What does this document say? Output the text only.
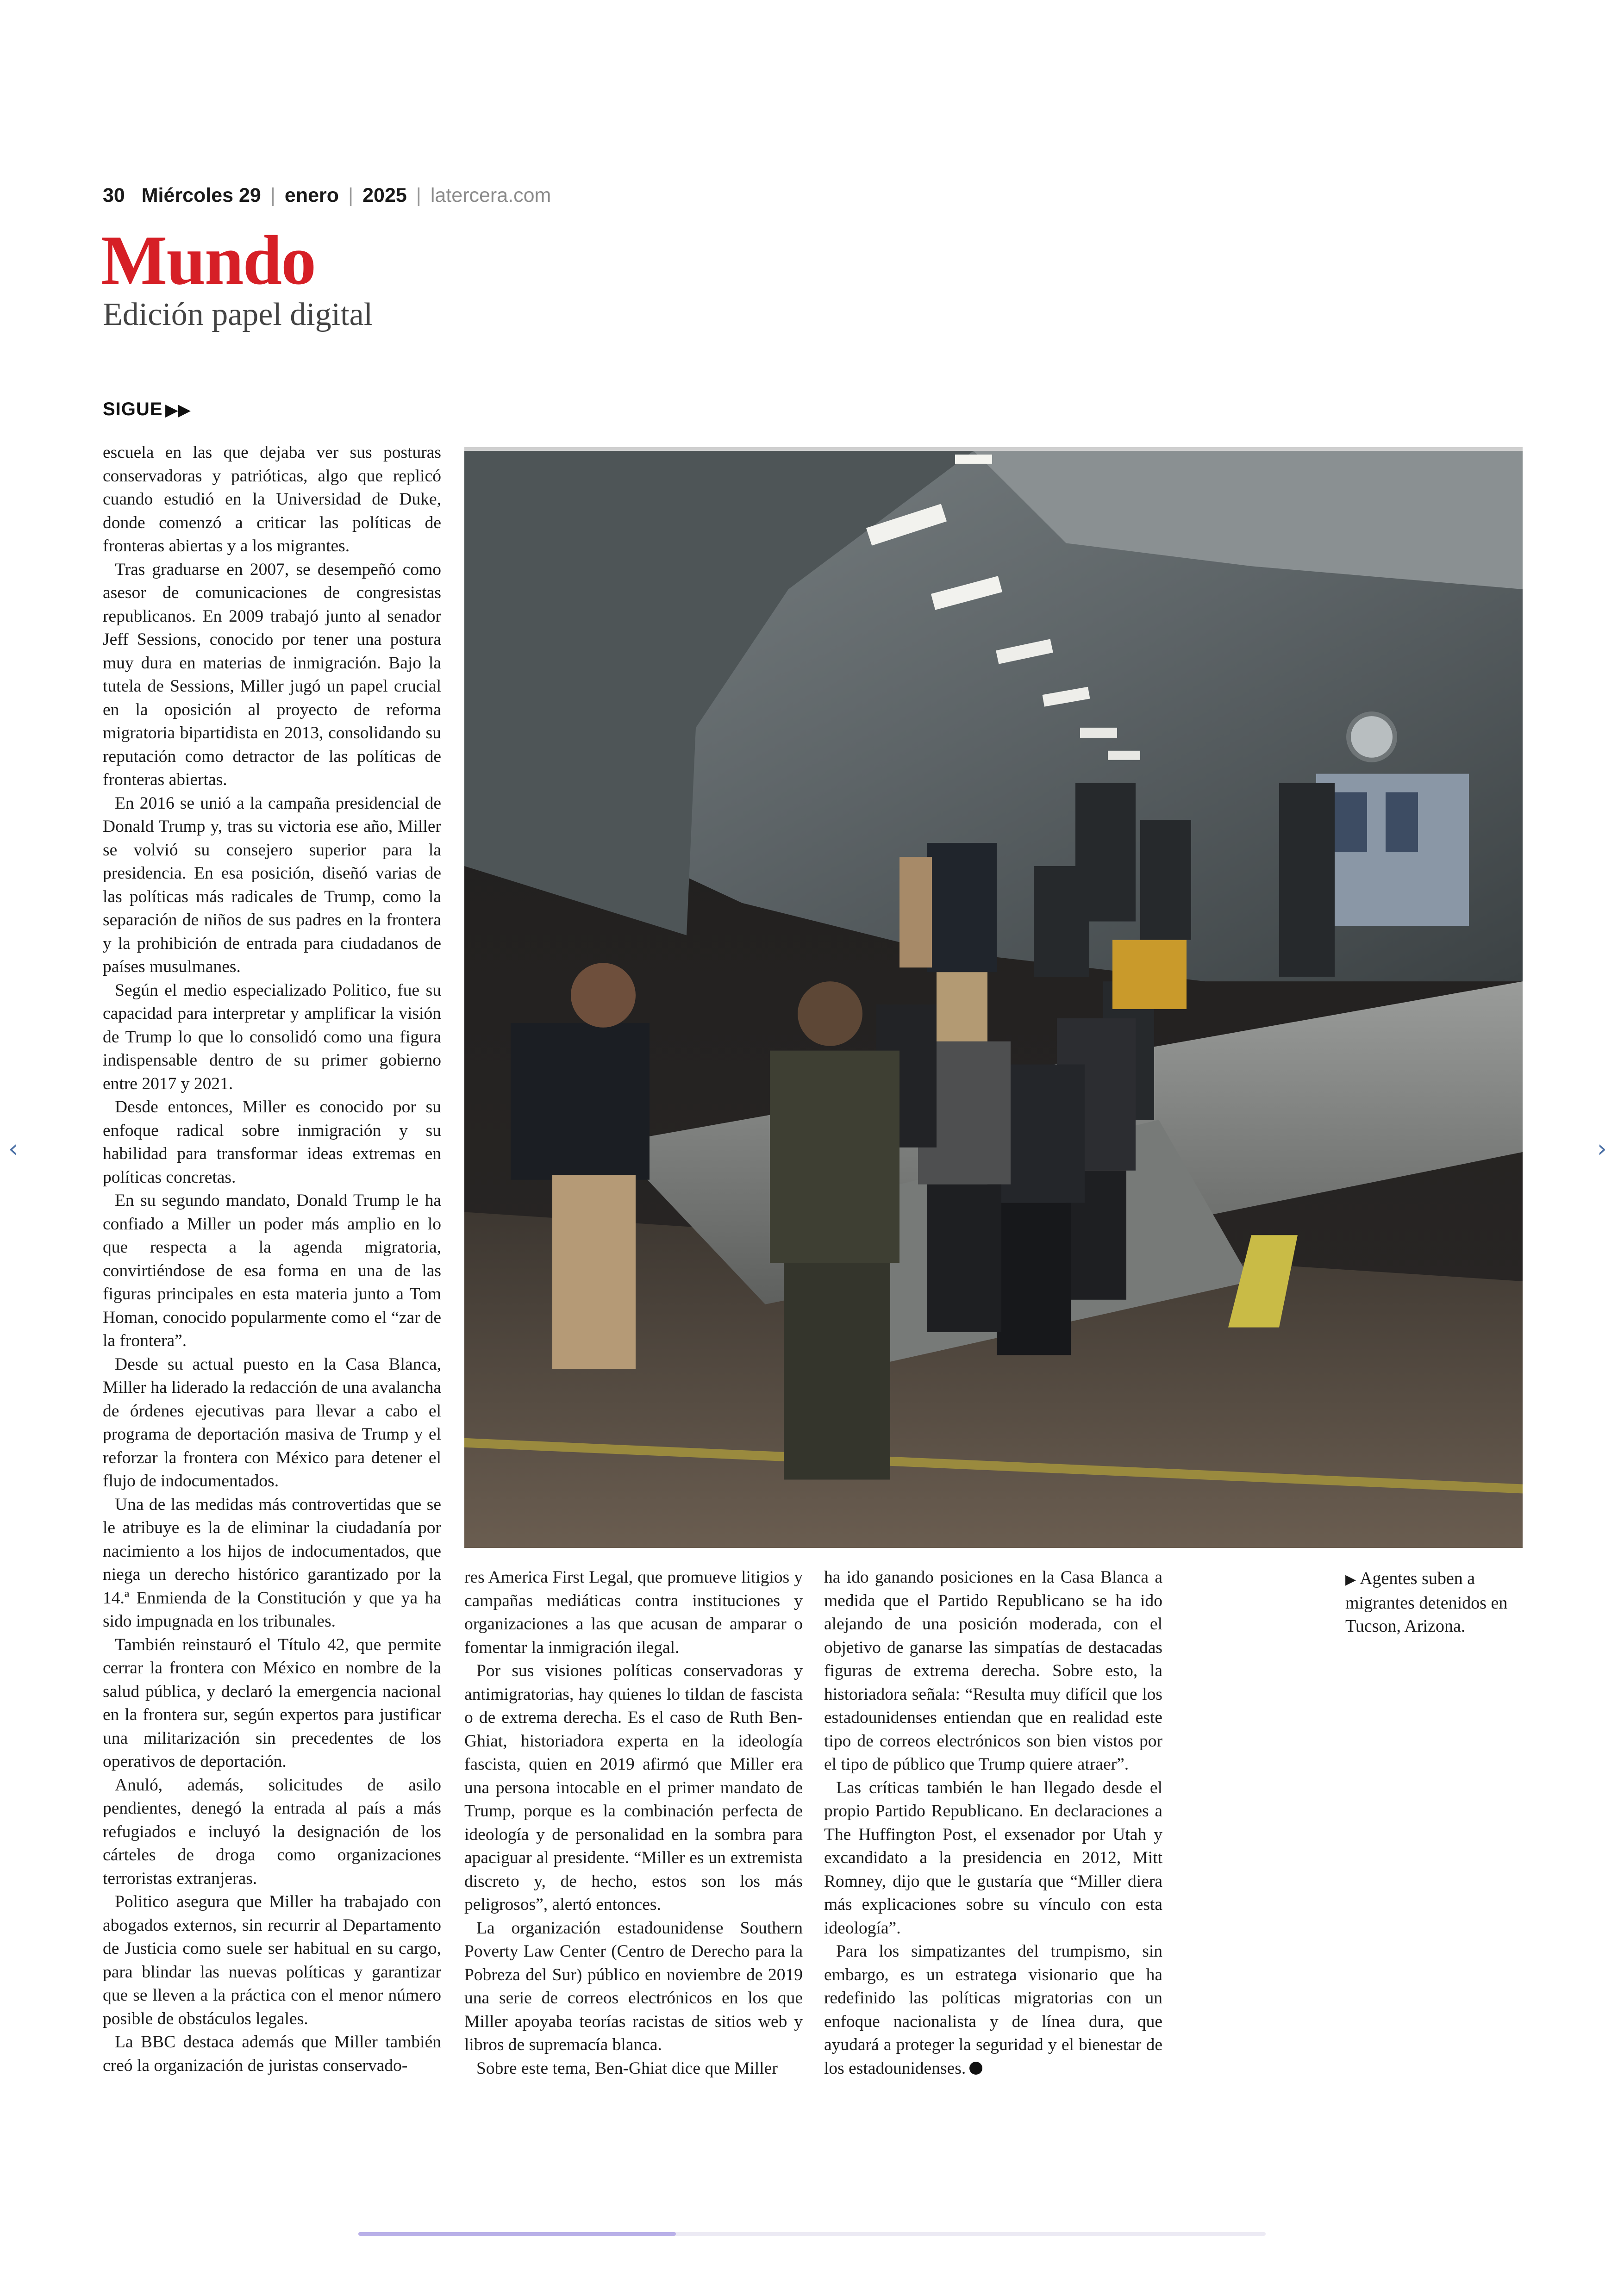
30 Miércoles 29 | enero | 2025 | latercera.com
Mundo
Edición papel digital
SIGUE ▶▶

escuela en las que dejaba ver sus posturas conservadoras y patrióticas, algo que replicó cuando estudió en la Universidad de Duke, donde comenzó a criticar las políticas de fronteras abiertas y a los migrantes.

Tras graduarse en 2007, se desempeñó como asesor de comunicaciones de congresistas republicanos. En 2009 trabajó junto al senador Jeff Sessions, conocido por tener una postura muy dura en materias de inmigración. Bajo la tutela de Sessions, Miller jugó un papel crucial en la oposición al proyecto de reforma migratoria bipartidista en 2013, consolidando su reputación como detractor de las políticas de fronteras abiertas.

En 2016 se unió a la campaña presidencial de Donald Trump y, tras su victoria ese año, Miller se volvió su consejero superior para la presidencia. En esa posición, diseñó varias de las políticas más radicales de Trump, como la separación de niños de sus padres en la frontera y la prohibición de entrada para ciudadanos de países musulmanes.

Según el medio especializado Politico, fue su capacidad para interpretar y amplificar la visión de Trump lo que lo consolidó como una figura indispensable dentro de su primer gobierno entre 2017 y 2021.

Desde entonces, Miller es conocido por su enfoque radical sobre inmigración y su habilidad para transformar ideas extremas en políticas concretas.

En su segundo mandato, Donald Trump le ha confiado a Miller un poder más amplio en lo que respecta a la agenda migratoria, convirtiéndose de esa forma en una de las figuras principales en esta materia junto a Tom Homan, conocido popularmente como el “zar de la frontera”.

Desde su actual puesto en la Casa Blanca, Miller ha liderado la redacción de una avalancha de órdenes ejecutivas para llevar a cabo el programa de deportación masiva de Trump y el reforzar la frontera con México para detener el flujo de indocumentados.

Una de las medidas más controvertidas que se le atribuye es la de eliminar la ciudadanía por nacimiento a los hijos de indocumentados, que niega un derecho histórico garantizado por la 14.ª Enmienda de la Constitución y que ya ha sido impugnada en los tribunales.

También reinstauró el Título 42, que permite cerrar la frontera con México en nombre de la salud pública, y declaró la emergencia nacional en la frontera sur, según expertos para justificar una militarización sin precedentes de los operativos de deportación.

Anuló, además, solicitudes de asilo pendientes, denegó la entrada al país a más refugiados e incluyó la designación de los cárteles de droga como organizaciones terroristas extranjeras.

Politico asegura que Miller ha trabajado con abogados externos, sin recurrir al Departamento de Justicia como suele ser habitual en su cargo, para blindar las nuevas políticas y garantizar que se lleven a la práctica con el menor número posible de obstáculos legales.

La BBC destaca además que Miller también creó la organización de juristas conservado-

res America First Legal, que promueve litigios y campañas mediáticas contra instituciones y organizaciones a las que acusan de amparar o fomentar la inmigración ilegal.

Por sus visiones políticas conservadoras y antimigratorias, hay quienes lo tildan de fascista o de extrema derecha. Es el caso de Ruth Ben-Ghiat, historiadora experta en la ideología fascista, quien en 2019 afirmó que Miller era una persona intocable en el primer mandato de Trump, porque es la combinación perfecta de ideología y de personalidad en la sombra para apaciguar al presidente. “Miller es un extremista discreto y, de hecho, estos son los más peligrosos”, alertó entonces.

La organización estadounidense Southern Poverty Law Center (Centro de Derecho para la Pobreza del Sur) público en noviembre de 2019 una serie de correos electrónicos en los que Miller apoyaba teorías racistas de sitios web y libros de supremacía blanca.

Sobre este tema, Ben-Ghiat dice que Miller

ha ido ganando posiciones en la Casa Blanca a medida que el Partido Republicano se ha ido alejando de una posición moderada, con el objetivo de ganarse las simpatías de destacadas figuras de extrema derecha. Sobre esto, la historiadora señala: “Resulta muy difícil que los estadounidenses entiendan que en realidad este tipo de correos electrónicos son bien vistos por el tipo de público que Trump quiere atraer”.

Las críticas también le han llegado desde el propio Partido Republicano. En declaraciones a The Huffington Post, el exsenador por Utah y excandidato a la presidencia en 2012, Mitt Romney, dijo que le gustaría que “Miller diera más explicaciones sobre su vínculo con esta ideología”.

Para los simpatizantes del trumpismo, sin embargo, es un estratega visionario que ha redefinido las políticas migratorias con un enfoque nacionalista y de línea dura, que ayudará a proteger la seguridad y el bienestar de los estadounidenses.

▶ Agentes suben a migrantes detenidos en Tucson, Arizona.
‹	›
